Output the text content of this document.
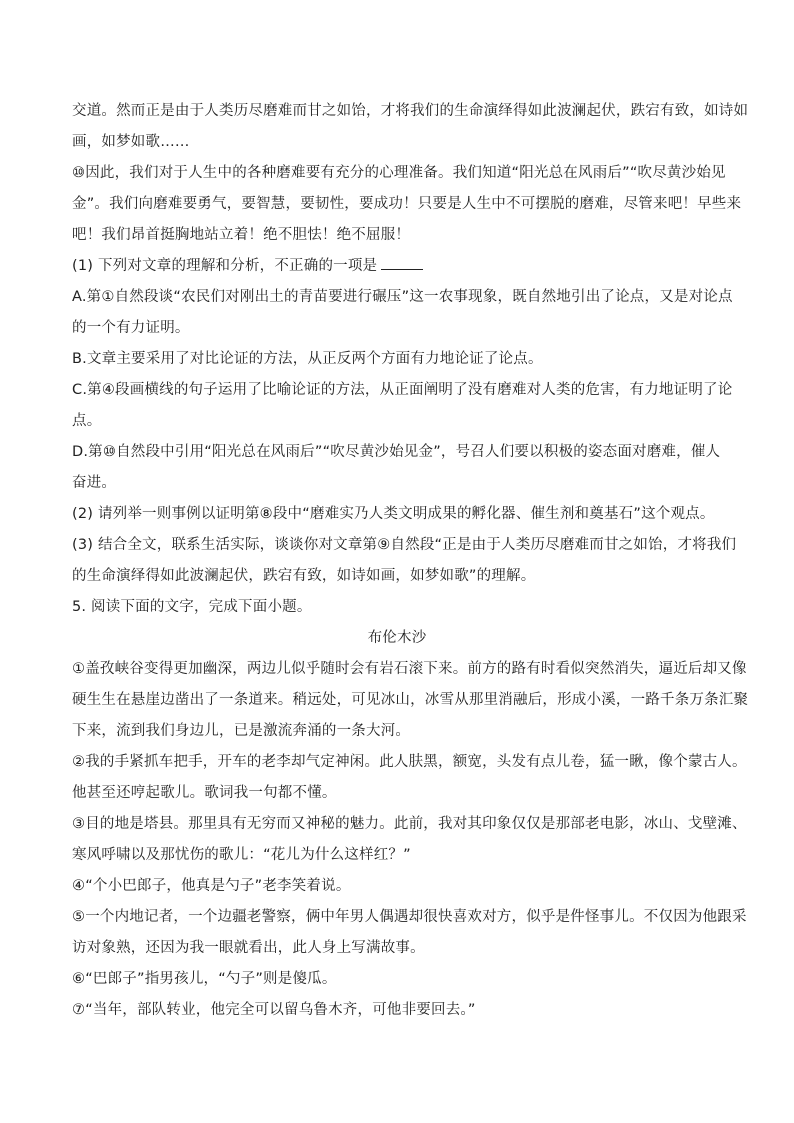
交道。然而正是由于人类历尽磨难而甘之如饴，才将我们的生命演绎得如此波澜起伏，跌宕有致，如诗如
画，如梦如歌……
⑩因此，我们对于人生中的各种磨难要有充分的心理准备。我们知道“阳光总在风雨后”“吹尽黄沙始见
金”。我们向磨难要勇气，要智慧，要韧性，要成功！只要是人生中不可摆脱的磨难，尽管来吧！早些来
吧！我们昂首挺胸地站立着！绝不胆怯！绝不屈服！
(1) 下列对文章的理解和分析，不正确的一项是
A.第①自然段谈“农民们对刚出土的青苗要进行碾压”这一农事现象，既自然地引出了论点，又是对论点
的一个有力证明。
B.文章主要采用了对比论证的方法，从正反两个方面有力地论证了论点。
C.第④段画横线的句子运用了比喻论证的方法，从正面阐明了没有磨难对人类的危害，有力地证明了论
点。
D.第⑩自然段中引用“阳光总在风雨后”“吹尽黄沙始见金”，号召人们要以积极的姿态面对磨难，催人
奋进。
(2) 请列举一则事例以证明第⑧段中“磨难实乃人类文明成果的孵化器、催生剂和奠基石”这个观点。
(3) 结合全文，联系生活实际，谈谈你对文章第⑨自然段“正是由于人类历尽磨难而甘之如饴，才将我们
的生命演绎得如此波澜起伏，跌宕有致，如诗如画，如梦如歌”的理解。
5. 阅读下面的文字，完成下面小题。
布伦木沙
①盖孜峡谷变得更加幽深，两边儿似乎随时会有岩石滚下来。前方的路有时看似突然消失，逼近后却又像
硬生生在悬崖边凿出了一条道来。稍远处，可见冰山，冰雪从那里消融后，形成小溪，一路千条万条汇聚
下来，流到我们身边儿，已是激流奔涌的一条大河。
②我的手紧抓车把手，开车的老李却气定神闲。此人肤黑，额宽，头发有点儿卷，猛一瞅，像个蒙古人。
他甚至还哼起歌儿。歌词我一句都不懂。
③目的地是塔县。那里具有无穷而又神秘的魅力。此前，我对其印象仅仅是那部老电影，冰山、戈壁滩、
寒风呼啸以及那忧伤的歌儿：“花儿为什么这样红？”
④“个小巴郎子，他真是勺子”老李笑着说。
⑤一个内地记者，一个边疆老警察，俩中年男人偶遇却很快喜欢对方，似乎是件怪事儿。不仅因为他跟采
访对象熟，还因为我一眼就看出，此人身上写满故事。
⑥“巴郎子”指男孩儿，“勺子”则是傻瓜。
⑦“当年，部队转业，他完全可以留乌鲁木齐，可他非要回去。”
